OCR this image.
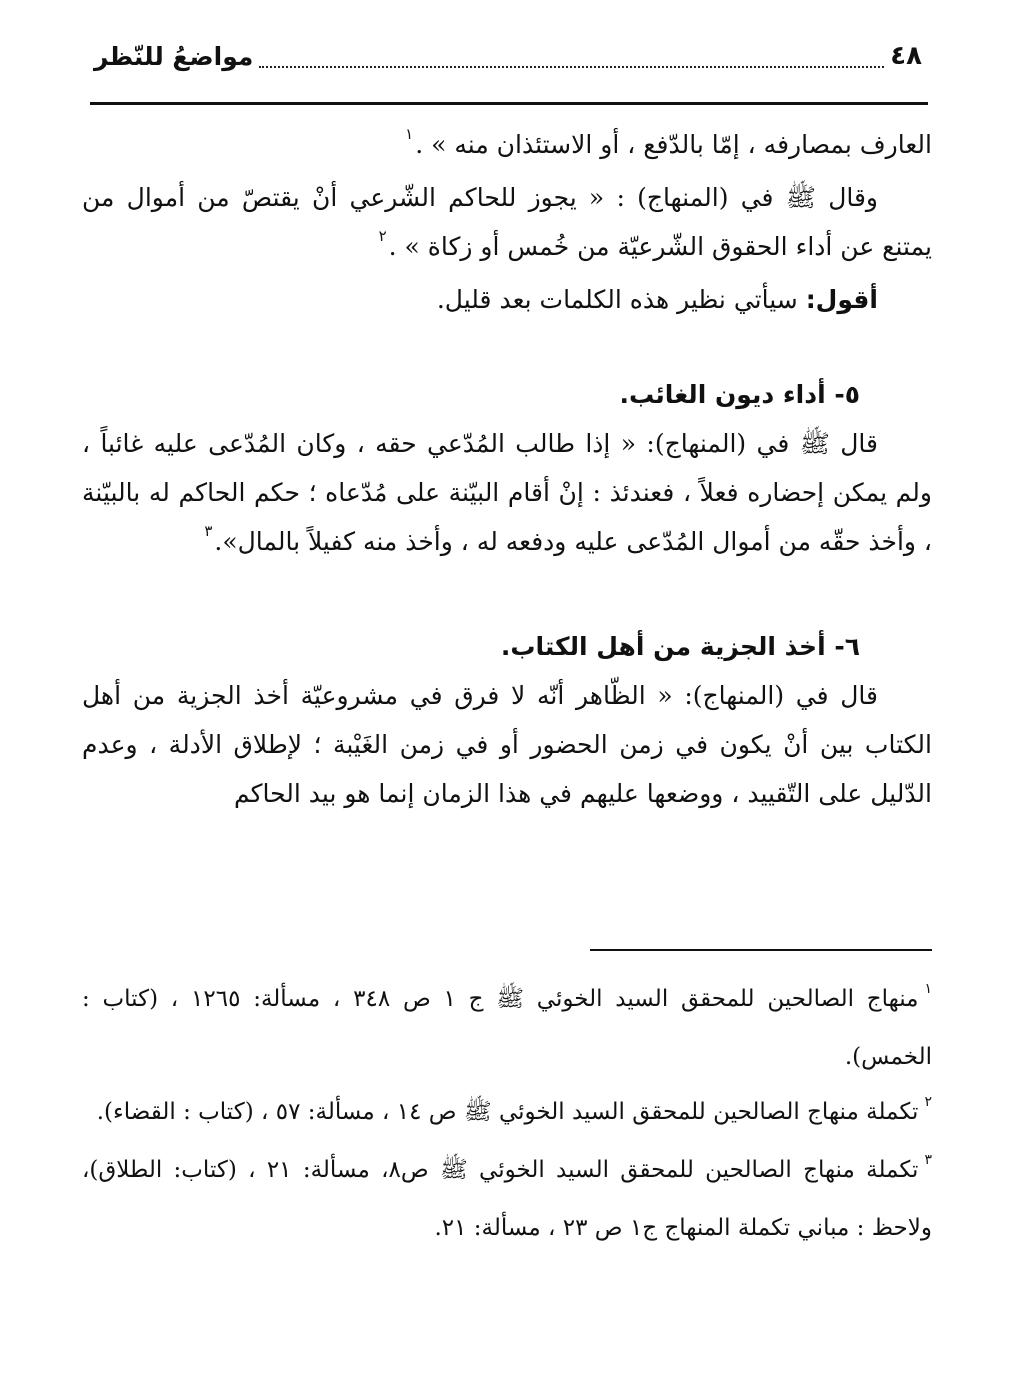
٤٨
مواضعُ للنّظر

العارف بمصارفه ، إمّا بالدّفع ، أو الاستئذان منه » .$^١$

وقال ﷺ في (المنهاج) : « يجوز للحاكم الشّرعي أنْ يقتصّ من أموال من يمتنع عن أداء الحقوق الشّرعيّة من خُمس أو زكاة » .$^٢$

أقول: سيأتي نظير هذه الكلمات بعد قليل.

٥- أداء ديون الغائب.

قال ﷺ في (المنهاج): « إذا طالب المُدّعي حقه ، وكان المُدّعى عليه غائباً ، ولم يمكن إحضاره فعلاً ، فعندئذ : إنْ أقام البيّنة على مُدّعاه ؛ حكم الحاكم له بالبيّنة ، وأخذ حقّه من أموال المُدّعى عليه ودفعه له ، وأخذ منه كفيلاً بالمال».$^٣$

٦- أخذ الجزية من أهل الكتاب.

قال في (المنهاج): « الظّاهر أنّه لا فرق في مشروعيّة أخذ الجزية من أهل الكتاب بين أنْ يكون في زمن الحضور أو في زمن الغَيْبة ؛ لإطلاق الأدلة ، وعدم الدّليل على التّقييد ، ووضعها عليهم في هذا الزمان إنما هو بيد الحاكم

$^١$منهاج الصالحين للمحقق السيد الخوئي ﷺ ج ١ ص ٣٤٨ ، مسألة: ١٢٦٥ ، (كتاب : الخمس).

$^٢$تكملة منهاج الصالحين للمحقق السيد الخوئي ﷺ ص ١٤ ، مسألة: ٥٧ ، (كتاب : القضاء).

$^٣$تكملة منهاج الصالحين للمحقق السيد الخوئي ﷺ ص٨، مسألة: ٢١ ، (كتاب: الطلاق)، ولاحظ : مباني تكملة المنهاج ج١ ص ٢٣ ، مسألة: ٢١.
